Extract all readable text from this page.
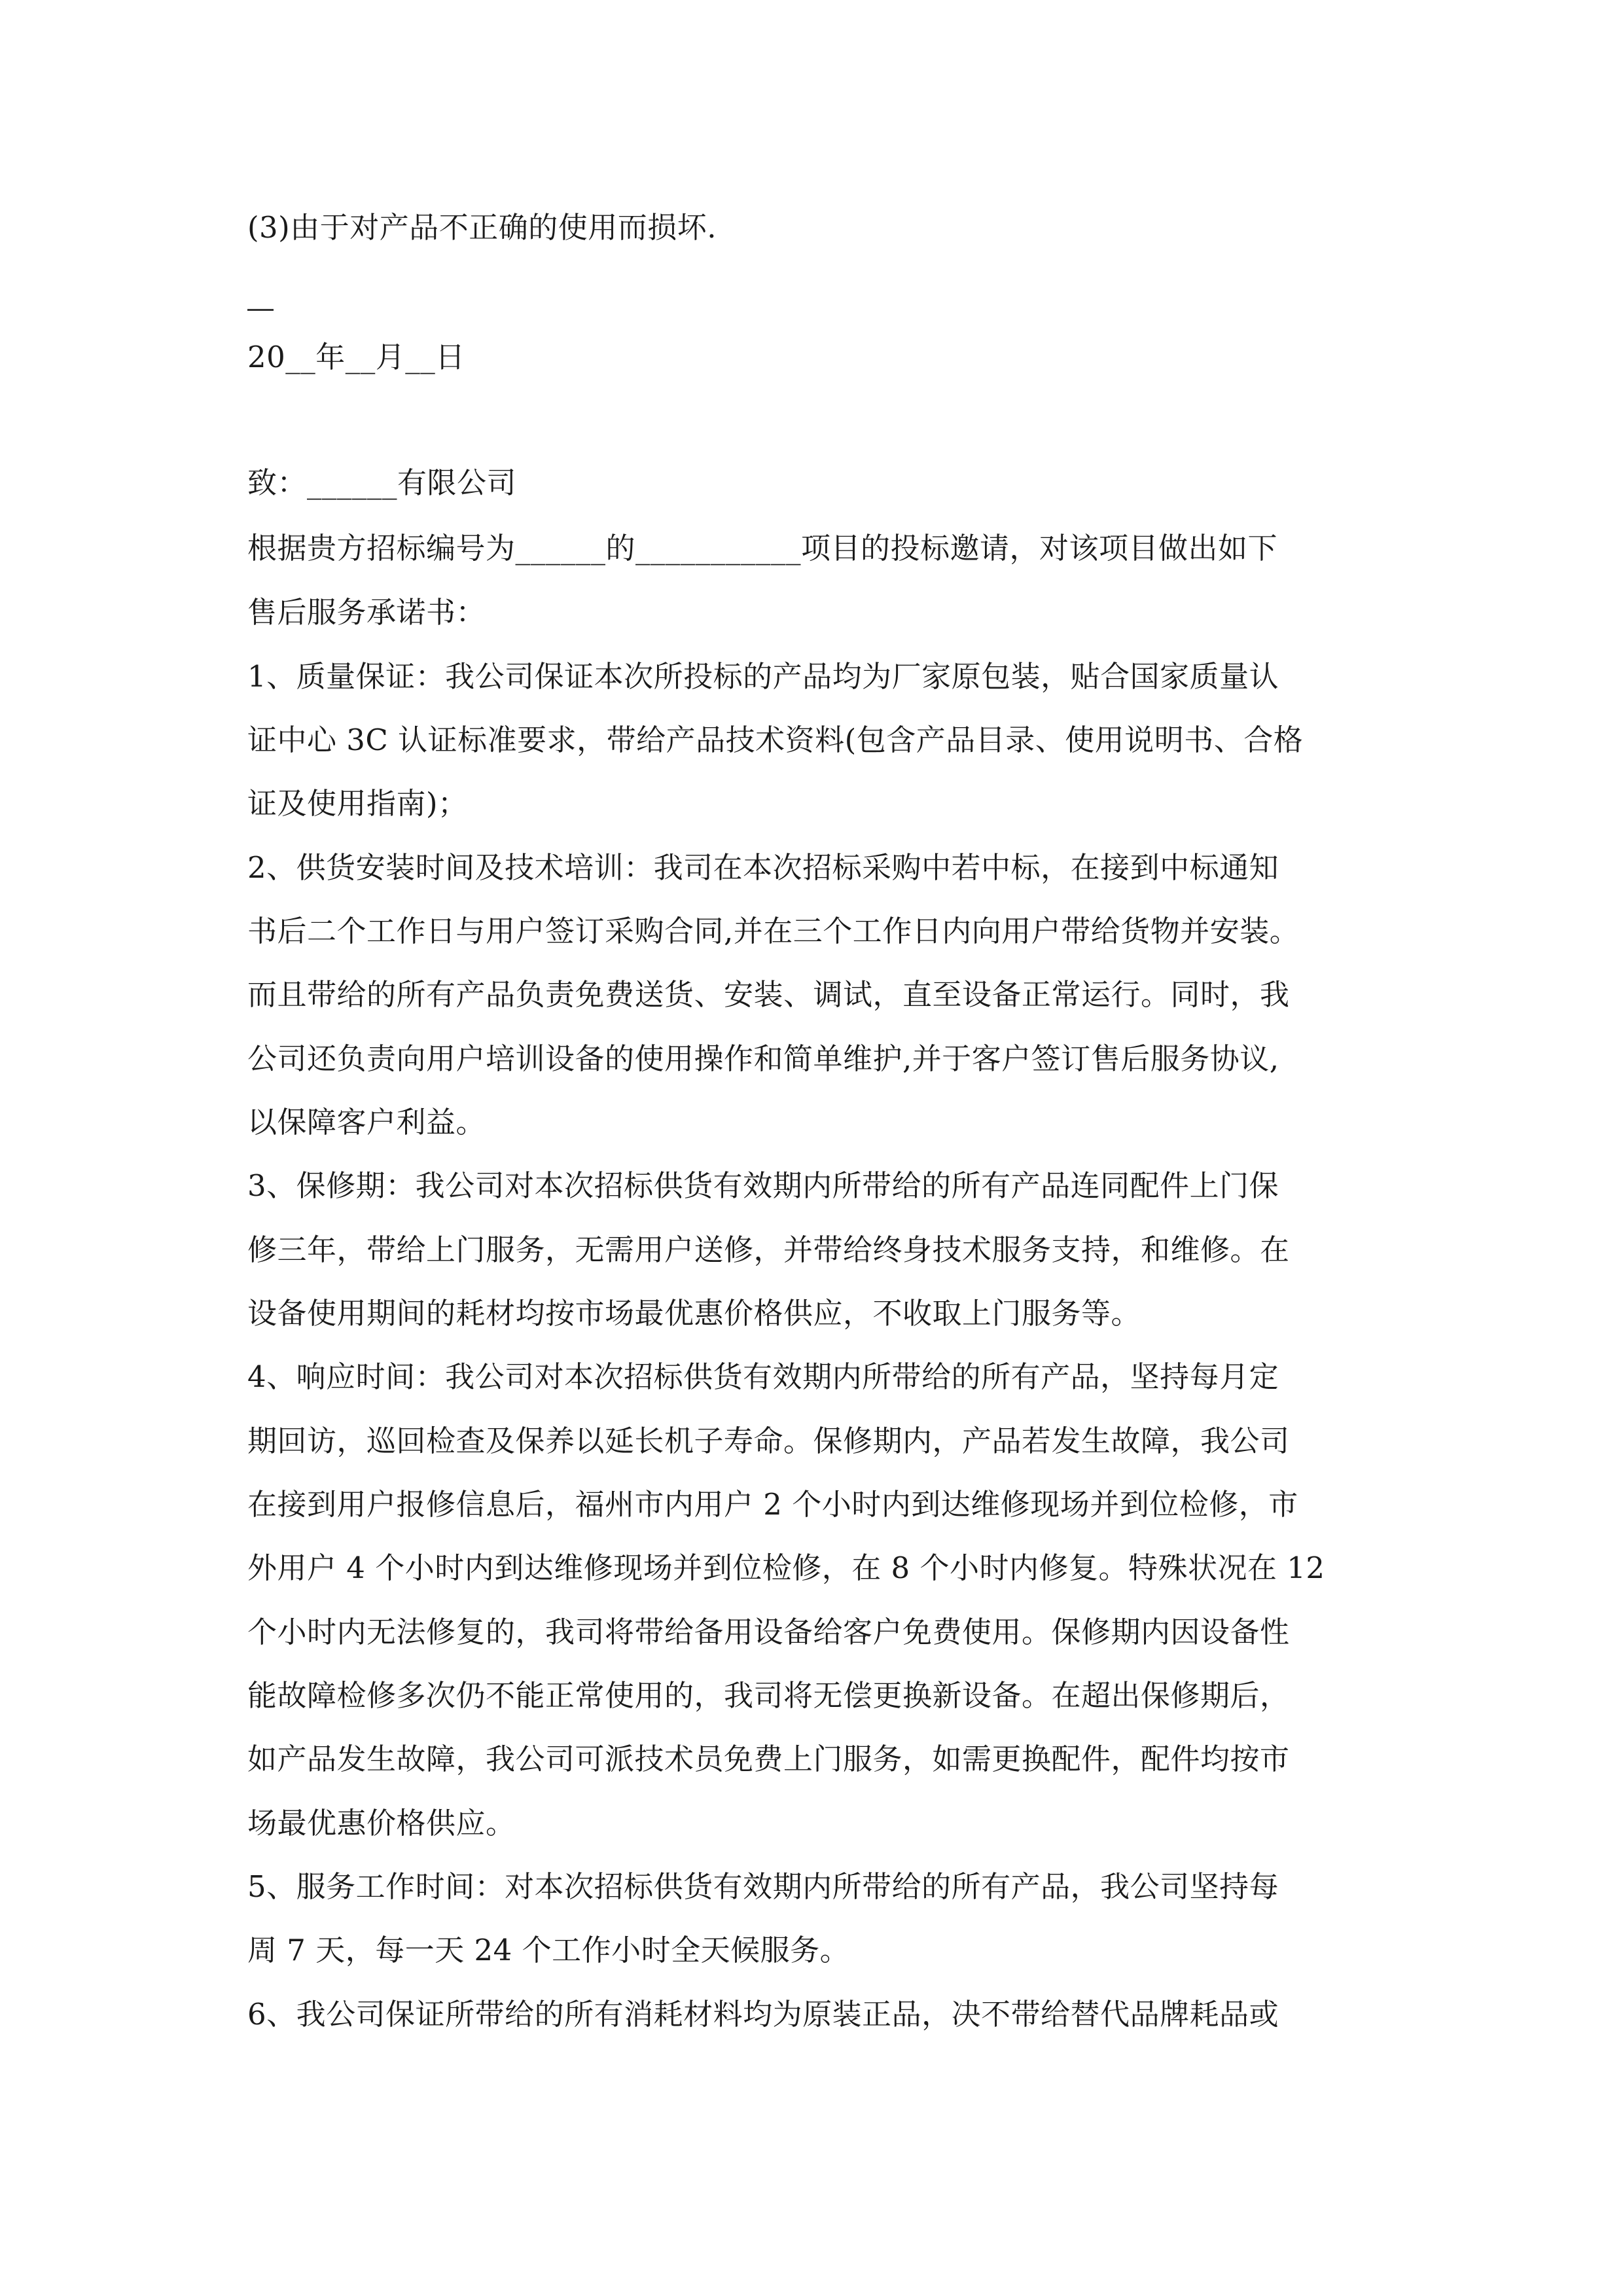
(3)由于对产品不正确的使用而损坏.
20__年__月__日
致：______有限公司
根据贵方招标编号为______的___________项目的投标邀请，对该项目做出如下
售后服务承诺书：
1、质量保证：我公司保证本次所投标的产品均为厂家原包装，贴合国家质量认
证中心 3C 认证标准要求，带给产品技术资料(包含产品目录、使用说明书、合格
证及使用指南)；
2、供货安装时间及技术培训：我司在本次招标采购中若中标，在接到中标通知
书后二个工作日与用户签订采购合同,并在三个工作日内向用户带给货物并安装。
而且带给的所有产品负责免费送货、安装、调试，直至设备正常运行。同时，我
公司还负责向用户培训设备的使用操作和简单维护,并于客户签订售后服务协议,
以保障客户利益。
3、保修期：我公司对本次招标供货有效期内所带给的所有产品连同配件上门保
修三年，带给上门服务，无需用户送修，并带给终身技术服务支持，和维修。在
设备使用期间的耗材均按市场最优惠价格供应，不收取上门服务等。
4、响应时间：我公司对本次招标供货有效期内所带给的所有产品，坚持每月定
期回访，巡回检查及保养以延长机子寿命。保修期内，产品若发生故障，我公司
在接到用户报修信息后，福州市内用户 2 个小时内到达维修现场并到位检修，市
外用户 4 个小时内到达维修现场并到位检修，在 8 个小时内修复。特殊状况在 12
个小时内无法修复的，我司将带给备用设备给客户免费使用。保修期内因设备性
能故障检修多次仍不能正常使用的，我司将无偿更换新设备。在超出保修期后，
如产品发生故障，我公司可派技术员免费上门服务，如需更换配件，配件均按市
场最优惠价格供应。
5、服务工作时间：对本次招标供货有效期内所带给的所有产品，我公司坚持每
周 7 天，每一天 24 个工作小时全天候服务。
6、我公司保证所带给的所有消耗材料均为原装正品，决不带给替代品牌耗品或
